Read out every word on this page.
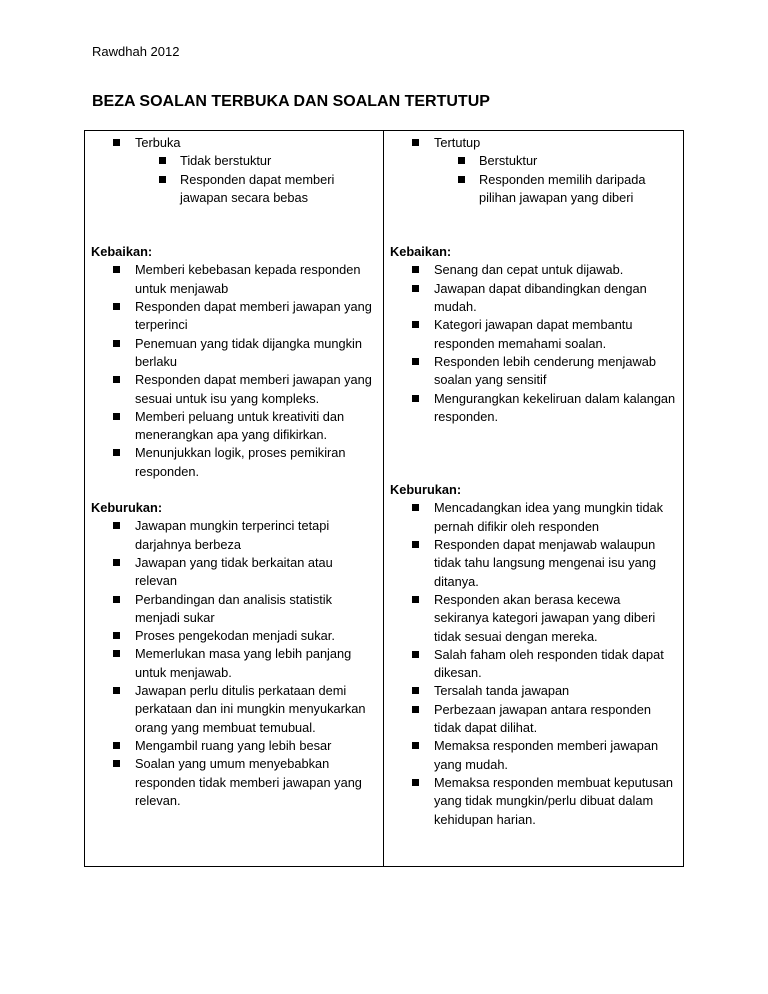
Rawdhah 2012
BEZA SOALAN TERBUKA DAN SOALAN TERTUTUP
Terbuka
Tidak berstuktur
Responden dapat memberi jawapan secara bebas

Kebaikan:

Memberi kebebasan kepada responden untuk menjawab
Responden dapat memberi jawapan yang terperinci
Penemuan yang tidak dijangka mungkin berlaku
Responden dapat memberi jawapan yang sesuai untuk isu yang kompleks.
Memberi peluang untuk kreativiti dan menerangkan apa yang difikirkan.
Menunjukkan logik, proses pemikiran responden.

Keburukan:

Jawapan mungkin terperinci tetapi darjahnya berbeza
Jawapan yang tidak berkaitan atau relevan
Perbandingan dan analisis statistik menjadi sukar
Proses pengekodan menjadi sukar.
Memerlukan masa yang lebih panjang untuk menjawab.
Jawapan perlu ditulis perkataan demi perkataan dan ini mungkin menyukarkan orang yang membuat temubual.
Mengambil ruang yang lebih besar
Soalan yang umum menyebabkan responden tidak memberi jawapan yang relevan.
Tertutup
Berstuktur
Responden memilih daripada pilihan jawapan yang diberi

Kebaikan:

Senang dan cepat untuk dijawab.
Jawapan dapat dibandingkan dengan mudah.
Kategori jawapan dapat membantu responden memahami soalan.
Responden lebih cenderung menjawab soalan yang sensitif
Mengurangkan kekeliruan dalam kalangan responden.

Keburukan:

Mencadangkan idea yang mungkin tidak pernah difikir oleh responden
Responden dapat menjawab walaupun tidak tahu langsung mengenai isu yang ditanya.
Responden akan berasa kecewa sekiranya kategori jawapan yang diberi tidak sesuai dengan mereka.
Salah faham oleh responden tidak dapat dikesan.
Tersalah tanda jawapan
Perbezaan jawapan antara responden tidak dapat dilihat.
Memaksa responden memberi jawapan yang mudah.
Memaksa responden membuat keputusan yang tidak mungkin/perlu dibuat dalam kehidupan harian.
